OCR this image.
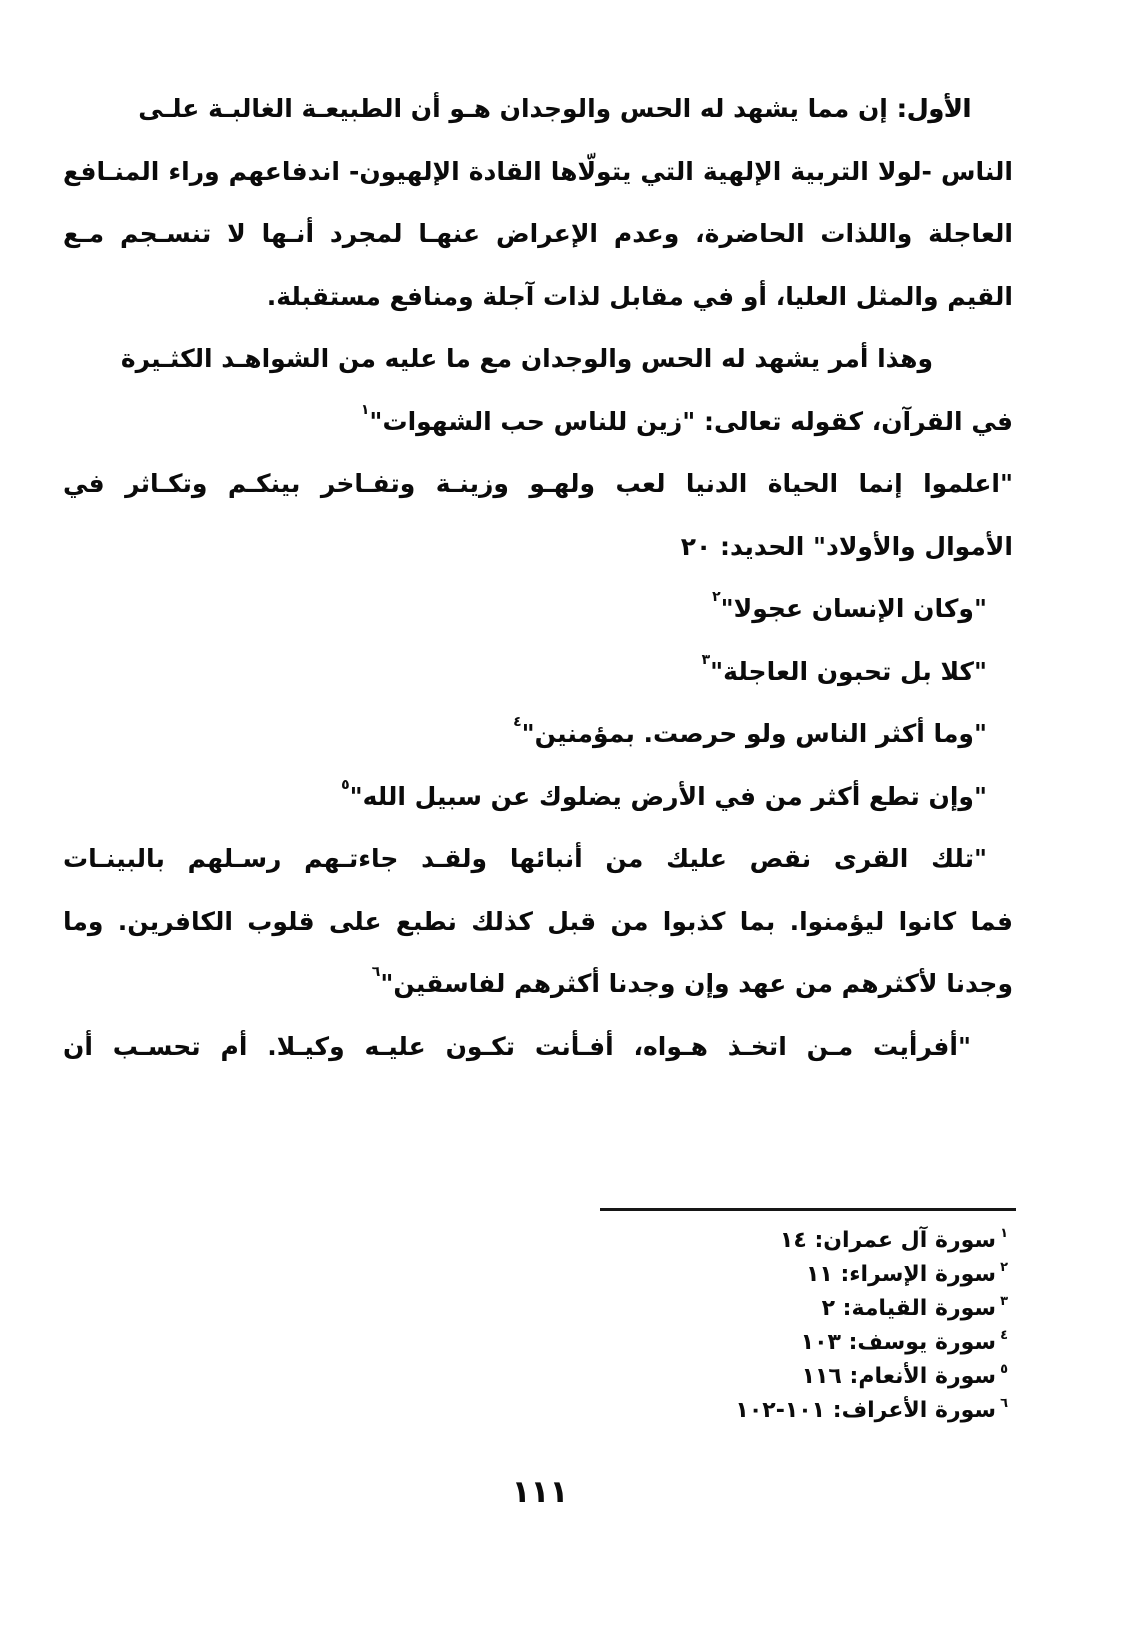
الأول: إن مما يشهد له الحس والوجدان هـو أن الطبيعـة الغالبـة علـى
الناس -لولا التربية الإلهية التي يتولّاها القادة الإلهيون- اندفاعهم وراء المنـافع
العاجلة واللذات الحاضرة، وعدم الإعراض عنهـا لمجرد أنـها لا تنسـجم مـع
القيم والمثل العليا، أو في مقابل لذات آجلة ومنافع مستقبلة.
وهذا أمر يشهد له الحس والوجدان مع ما عليه من الشواهـد الكثـيرة
في القرآن، كقوله تعالى: "زين للناس حب الشهوات"$^١$
"اعلموا إنما الحياة الدنيا لعب ولهـو وزينـة وتفـاخر بينكـم وتكـاثر في
الأموال والأولاد" الحديد: ٢٠
"وكان الإنسان عجولا"$^٢$
"كلا بل تحبون العاجلة"$^٣$
"وما أكثر الناس ولو حرصت. بمؤمنين"$^٤$
"وإن تطع أكثر من في الأرض يضلوك عن سبيل الله"$^٥$
"تلك القرى نقص عليك من أنبائها ولقـد جاءتـهم رسـلهم بالبينـات
فما كانوا ليؤمنوا. بما كذبوا من قبل كذلك نطبع على قلوب الكافرين. وما
وجدنا لأكثرهم من عهد وإن وجدنا أكثرهم لفاسقين"$^٦$
"أفرأيت مـن اتخـذ هـواه، أفـأنت تكـون عليـه وكيـلا. أم تحسـب أن
$^١$سورة آل عمران: ١٤
$^٢$سورة الإسراء: ١١
$^٣$سورة القيامة: ٢
$^٤$سورة يوسف: ١٠٣
$^٥$سورة الأنعام: ١١٦
$^٦$سورة الأعراف: ١٠١-١٠٢
١١١
